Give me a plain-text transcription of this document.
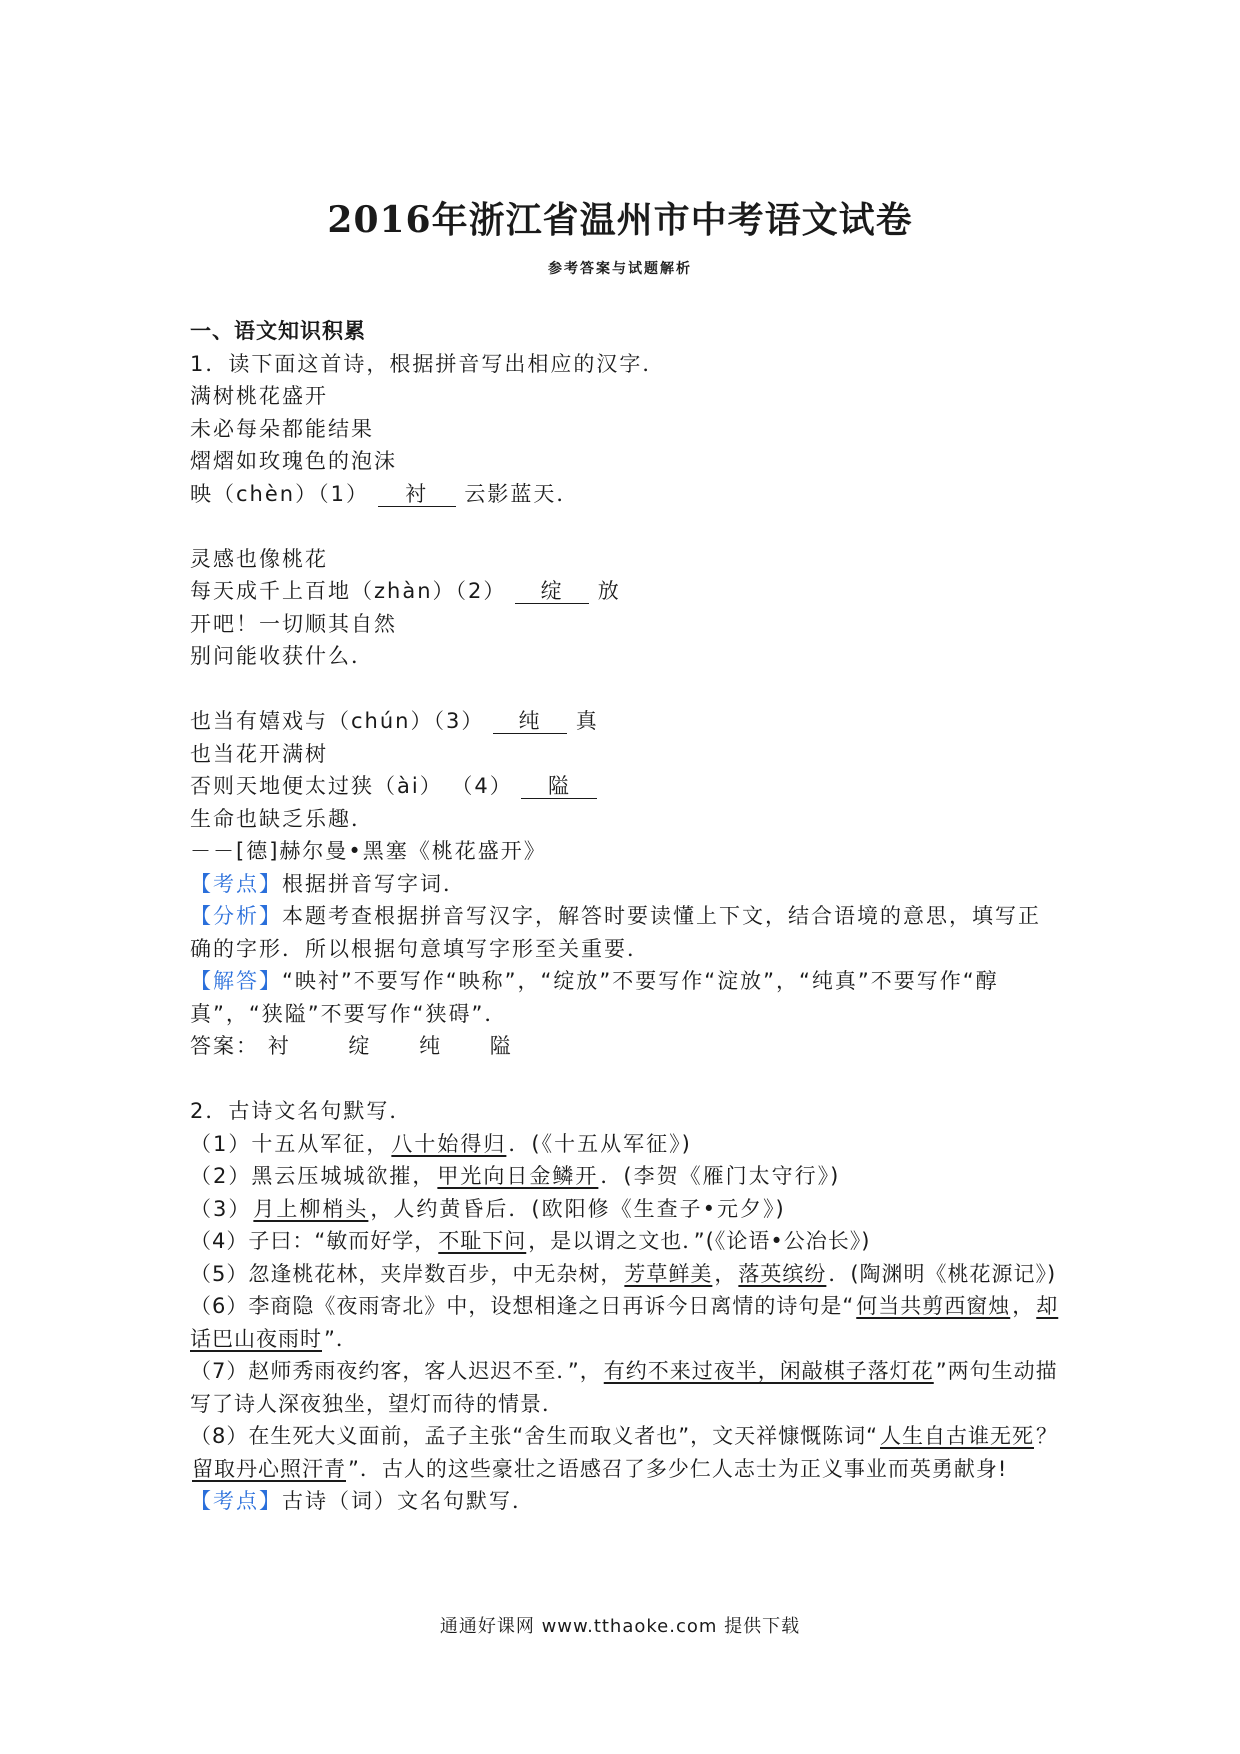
2016年浙江省温州市中考语文试卷
参考答案与试题解析
一、语文知识积累
1．读下面这首诗，根据拼音写出相应的汉字．
满树桃花盛开
未必每朵都能结果
熠熠如玫瑰色的泡沫
映（chèn）（1） 衬 云影蓝天．
灵感也像桃花
每天成千上百地（zhàn）（2） 绽 放
开吧！一切顺其自然
别问能收获什么．
也当有嬉戏与（chún）（3） 纯 真
也当花开满树
否则天地便太过狭（ài） （4） 隘
生命也缺乏乐趣．
－－[德]赫尔曼•黑塞《桃花盛开》
【考点】根据拼音写字词．
【分析】本题考查根据拼音写汉字，解答时要读懂上下文，结合语境的意思，填写正确的字形．所以根据句意填写字形至关重要．
【解答】“映衬”不要写作“映称”，“绽放”不要写作“淀放”，“纯真”不要写作“醇真”，“狭隘”不要写作“狭碍”．
答案： 衬	绽 纯 隘
2．古诗文名句默写．
（1）十五从军征，八十始得归．(《十五从军征》)
（2）黑云压城城欲摧，甲光向日金鳞开．(李贺《雁门太守行》)
（3）月上柳梢头，人约黄昏后．(欧阳修《生查子•元夕》)
（4）子曰：“敏而好学，不耻下问，是以谓之文也．”(《论语•公冶长》)
（5）忽逢桃花林，夹岸数百步，中无杂树，芳草鲜美，落英缤纷．(陶渊明《桃花源记》)
（6）李商隐《夜雨寄北》中，设想相逢之日再诉今日离情的诗句是“何当共剪西窗烛，却话巴山夜雨时”．
（7）赵师秀雨夜约客，客人迟迟不至．”，有约不来过夜半，闲敲棋子落灯花”两句生动描写了诗人深夜独坐，望灯而待的情景．
（8）在生死大义面前，孟子主张“舍生而取义者也”，文天祥慷慨陈词“人生自古谁无死？留取丹心照汗青”．古人的这些豪壮之语感召了多少仁人志士为正义事业而英勇献身!
【考点】古诗（词）文名句默写．
通通好课网 www.tthaoke.com 提供下载
